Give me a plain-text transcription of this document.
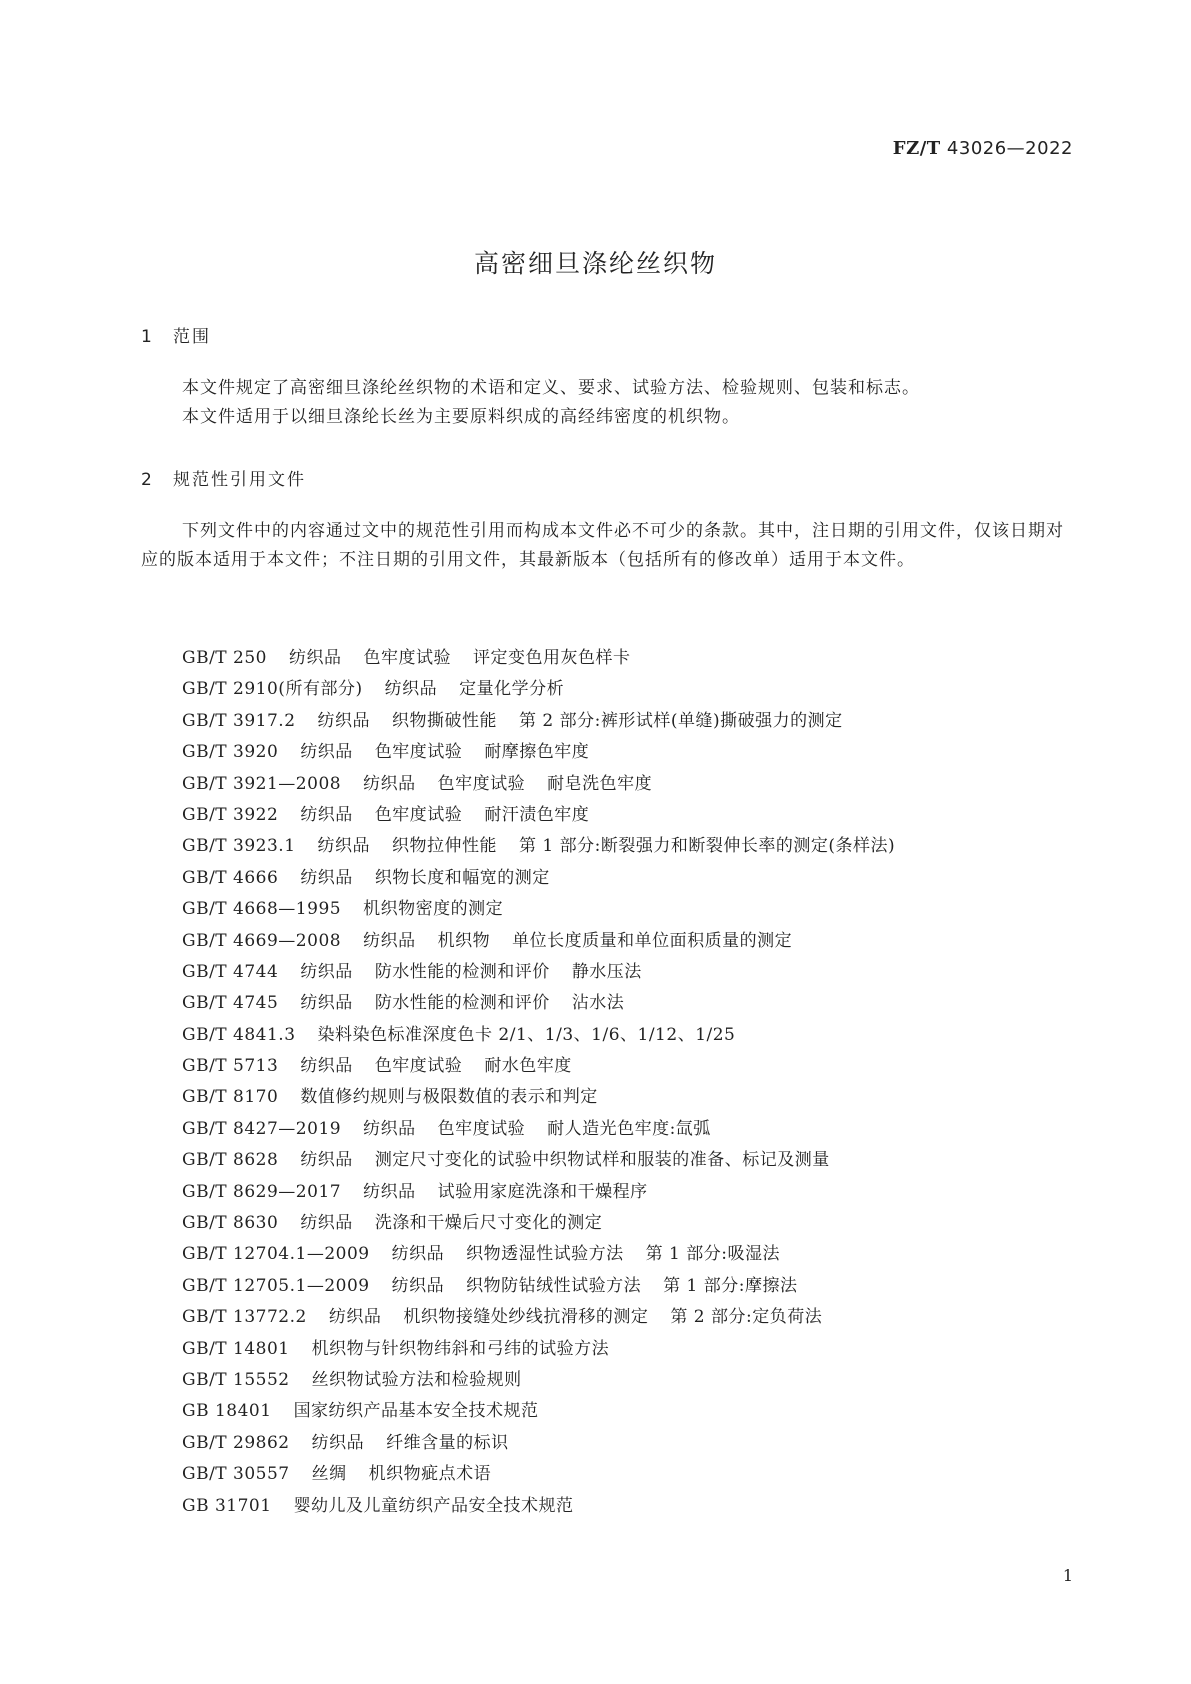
FZ/T 43026—2022
高密细旦涤纶丝织物
1 范围
本文件规定了高密细旦涤纶丝织物的术语和定义、要求、试验方法、检验规则、包装和标志。
本文件适用于以细旦涤纶长丝为主要原料织成的高经纬密度的机织物。
2 规范性引用文件
下列文件中的内容通过文中的规范性引用而构成本文件必不可少的条款。其中，注日期的引用文件，仅该日期对应的版本适用于本文件；不注日期的引用文件，其最新版本（包括所有的修改单）适用于本文件。
GB/T 250 纺织品 色牢度试验 评定变色用灰色样卡
GB/T 2910(所有部分) 纺织品 定量化学分析
GB/T 3917.2 纺织品 织物撕破性能 第 2 部分:裤形试样(单缝)撕破强力的测定
GB/T 3920 纺织品 色牢度试验 耐摩擦色牢度
GB/T 3921—2008 纺织品 色牢度试验 耐皂洗色牢度
GB/T 3922 纺织品 色牢度试验 耐汗渍色牢度
GB/T 3923.1 纺织品 织物拉伸性能 第 1 部分:断裂强力和断裂伸长率的测定(条样法)
GB/T 4666 纺织品 织物长度和幅宽的测定
GB/T 4668—1995 机织物密度的测定
GB/T 4669—2008 纺织品 机织物 单位长度质量和单位面积质量的测定
GB/T 4744 纺织品 防水性能的检测和评价 静水压法
GB/T 4745 纺织品 防水性能的检测和评价 沾水法
GB/T 4841.3 染料染色标准深度色卡 2/1、1/3、1/6、1/12、1/25
GB/T 5713 纺织品 色牢度试验 耐水色牢度
GB/T 8170 数值修约规则与极限数值的表示和判定
GB/T 8427—2019 纺织品 色牢度试验 耐人造光色牢度:氙弧
GB/T 8628 纺织品 测定尺寸变化的试验中织物试样和服装的准备、标记及测量
GB/T 8629—2017 纺织品 试验用家庭洗涤和干燥程序
GB/T 8630 纺织品 洗涤和干燥后尺寸变化的测定
GB/T 12704.1—2009 纺织品 织物透湿性试验方法 第 1 部分:吸湿法
GB/T 12705.1—2009 纺织品 织物防钻绒性试验方法 第 1 部分:摩擦法
GB/T 13772.2 纺织品 机织物接缝处纱线抗滑移的测定 第 2 部分:定负荷法
GB/T 14801 机织物与针织物纬斜和弓纬的试验方法
GB/T 15552 丝织物试验方法和检验规则
GB 18401 国家纺织产品基本安全技术规范
GB/T 29862 纺织品 纤维含量的标识
GB/T 30557 丝绸 机织物疵点术语
GB 31701 婴幼儿及儿童纺织产品安全技术规范
1
